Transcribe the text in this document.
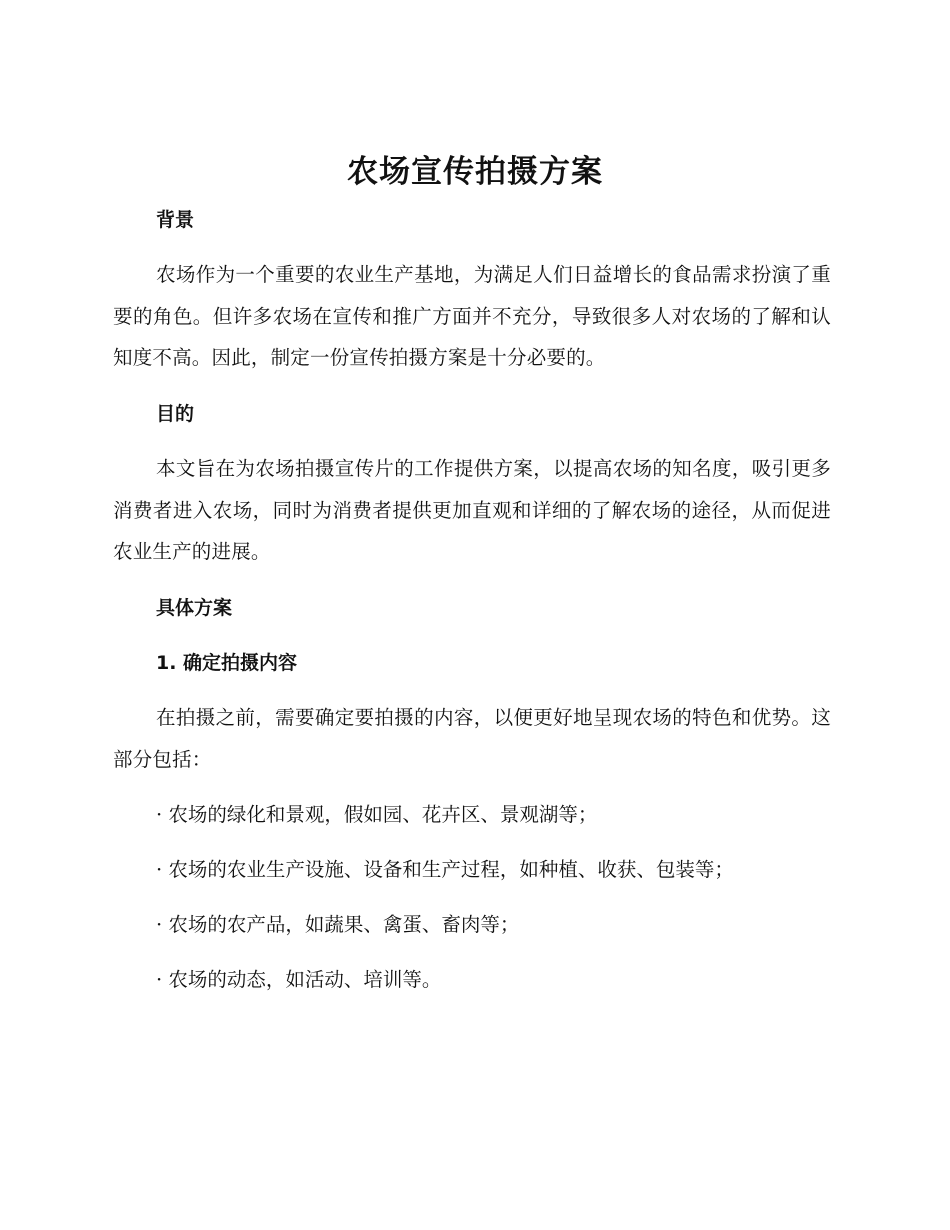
农场宣传拍摄方案
背景

农场作为一个重要的农业生产基地，为满足人们日益增长的食品需求扮演了重要的角色。但许多农场在宣传和推广方面并不充分，导致很多人对农场的了解和认知度不高。因此，制定一份宣传拍摄方案是十分必要的。

目的

本文旨在为农场拍摄宣传片的工作提供方案，以提高农场的知名度，吸引更多消费者进入农场，同时为消费者提供更加直观和详细的了解农场的途径，从而促进农业生产的进展。

具体方案
1. 确定拍摄内容

在拍摄之前，需要确定要拍摄的内容，以便更好地呈现农场的特色和优势。这部分包括：

· 农场的绿化和景观，假如园、花卉区、景观湖等；
· 农场的农业生产设施、设备和生产过程，如种植、收获、包装等；
· 农场的农产品，如蔬果、禽蛋、畜肉等；
· 农场的动态，如活动、培训等。
